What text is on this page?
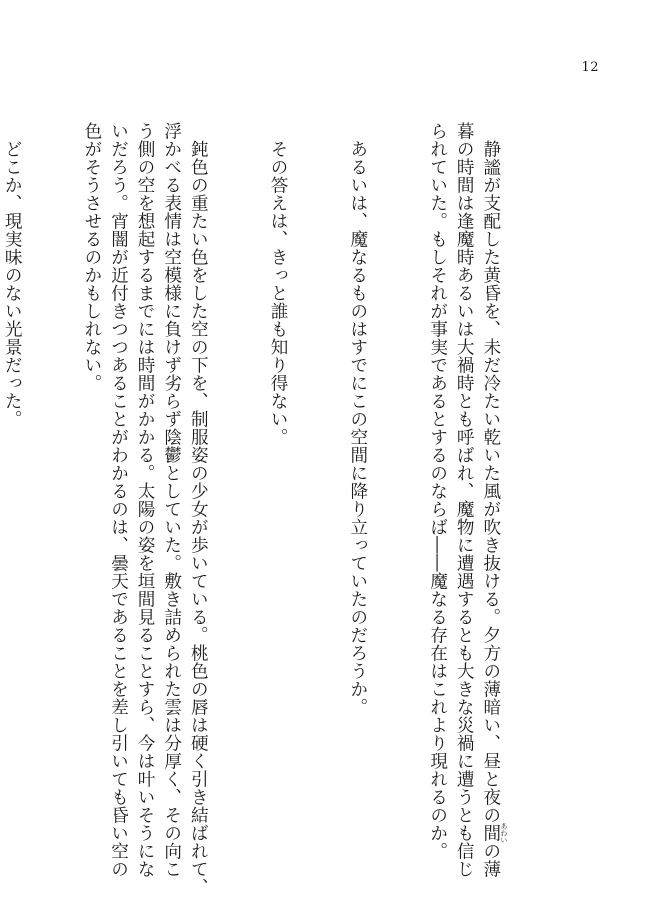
12

　静謐が支配した黄昏を、未だ冷たい乾いた風が吹き抜ける。夕方の薄暗い、昼と夜の間 あわいの薄
暮の時間は逢魔時あるいは大禍時とも呼ばれ、魔物に遭遇するとも大きな災禍に遭うとも信じ
られていた。もしそれが事実であるとするのならば――魔なる存在はこれより現れるのか。

　あるいは、魔なるものはすでにこの空間に降り立っていたのだろうか。

　その答えは、きっと誰も知り得ない。

　鈍色の重たい色をした空の下を、制服姿の少女が歩いている。桃色の唇は硬く引き結ばれて、
浮かべる表情は空模様に負けず劣らず陰鬱としていた。敷き詰められた雲は分厚く、その向こ
う側の空を想起するまでには時間がかかる。太陽の姿を垣間見ることすら、今は叶いそうにな
いだろう。宵闇が近付きつつあることがわかるのは、曇天であることを差し引いても昏い空の
色がそうさせるのかもしれない。

　どこか、現実味のない光景だった。
